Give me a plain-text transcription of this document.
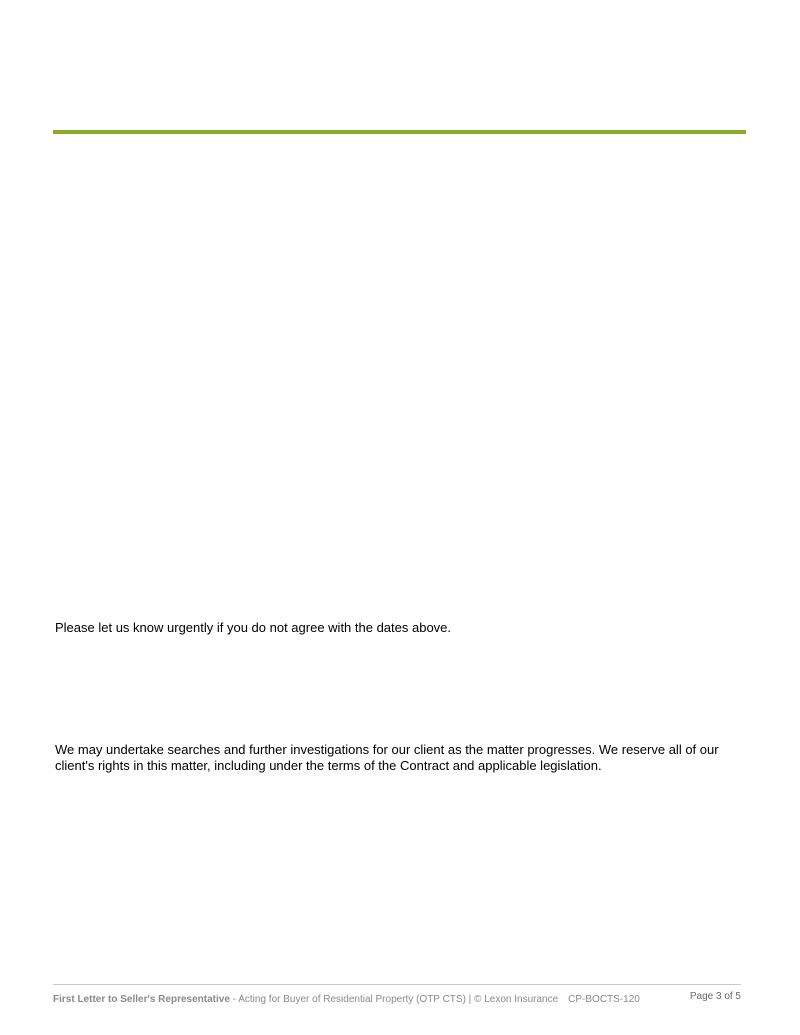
Please let us know urgently if you do not agree with the dates above.

We may undertake searches and further investigations for our client as the matter progresses. We reserve all of our client's rights in this matter, including under the terms of the Contract and applicable legislation.

First Letter to Seller's Representative - Acting for Buyer of Residential Property (OTP CTS) | © Lexon Insurance CP-BOCTS-120	Page 3 of 5
